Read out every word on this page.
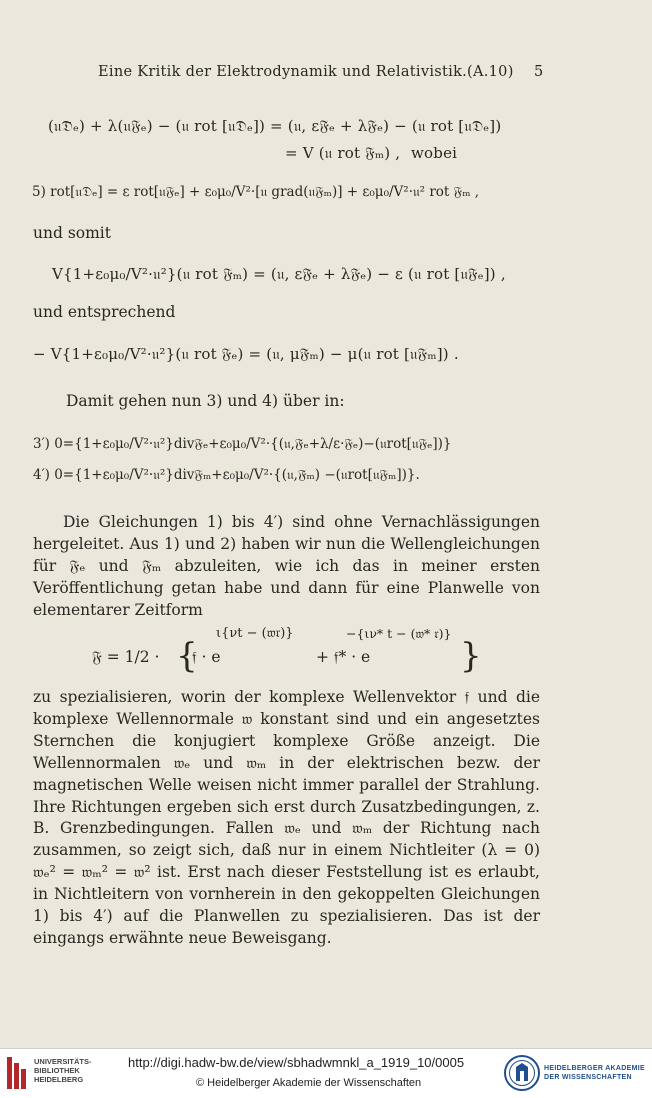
Eine Kritik der Elektrodynamik und Relativistik. (A.10) 5
(𝔲𝔇̇ₑ) + λ(𝔲𝔉ₑ) − (𝔲 rot [𝔲𝔇ₑ]) = (𝔲, ε𝔉̇ₑ + λ𝔉ₑ) − (𝔲 rot [𝔲𝔇ₑ])
= V (𝔲 rot 𝔉ₘ) , wobei
5) rot[𝔲𝔇ₑ] = ε rot[𝔲𝔉ₑ] + ε₀μ₀/V²·[𝔲 grad(𝔲𝔉ₘ)] + ε₀μ₀/V²·𝔲² rot 𝔉ₘ ,
und somit
V{1+ε₀μ₀/V²·𝔲²}(𝔲 rot 𝔉ₘ) = (𝔲, ε𝔉̇ₑ + λ𝔉ₑ) − ε (𝔲 rot [𝔲𝔉ₑ]) ,
und entsprechend
− V{1+ε₀μ₀/V²·𝔲²}(𝔲 rot 𝔉ₑ) = (𝔲, μ𝔉̇ₘ) − μ(𝔲 rot [𝔲𝔉ₘ]) .
Damit gehen nun 3) und 4) über in:
3′) 0={1+ε₀μ₀/V²·𝔲²}div𝔉ₑ+ε₀μ₀/V²·{(𝔲,𝔉̇ₑ+λ/ε·𝔉ₑ)−(𝔲rot[𝔲𝔉ₑ])}
4′) 0={1+ε₀μ₀/V²·𝔲²}div𝔉ₘ+ε₀μ₀/V²·{(𝔲,𝔉̇ₘ) −(𝔲rot[𝔲𝔉ₘ])}.

Die Gleichungen 1) bis 4′) sind ohne Vernachlässigungen hergeleitet. Aus 1) und 2) haben wir nun die Wellengleichungen für 𝔉ₑ und 𝔉ₘ abzuleiten, wie ich das in meiner ersten Veröffentlichung getan habe und dann für eine Planwelle von elementarer Zeitform

𝔉 = 1/2 · {
𝔣 · e
ι{νt − (𝔴𝔯)}
+ 𝔣* · e
−{ιν* t − (𝔴* 𝔯)}
}

zu spezialisieren, worin der komplexe Wellenvektor 𝔣 und die komplexe Wellennormale 𝔴 konstant sind und ein angesetztes Sternchen die konjugiert komplexe Größe anzeigt. Die Wellennormalen 𝔴ₑ und 𝔴ₘ in der elektrischen bezw. der magnetischen Welle weisen nicht immer parallel der Strahlung. Ihre Richtungen ergeben sich erst durch Zusatzbedingungen, z. B. Grenzbedingungen. Fallen 𝔴ₑ und 𝔴ₘ der Richtung nach zusammen, so zeigt sich, daß nur in einem Nichtleiter (λ = 0) 𝔴ₑ² = 𝔴ₘ² = 𝔴² ist. Erst nach dieser Feststellung ist es erlaubt, in Nichtleitern von vornherein in den gekoppelten Gleichungen 1) bis 4′) auf die Planwellen zu spezialisieren. Das ist der eingangs erwähnte neue Beweisgang.

UNIVERSITÄTS-
BIBLIOTHEK
HEIDELBERG
http://digi.hadw-bw.de/view/sbhadwmnkl_a_1919_10/0005
© Heidelberger Akademie der Wissenschaften
HEIDELBERGER AKADEMIE
DER WISSENSCHAFTEN
